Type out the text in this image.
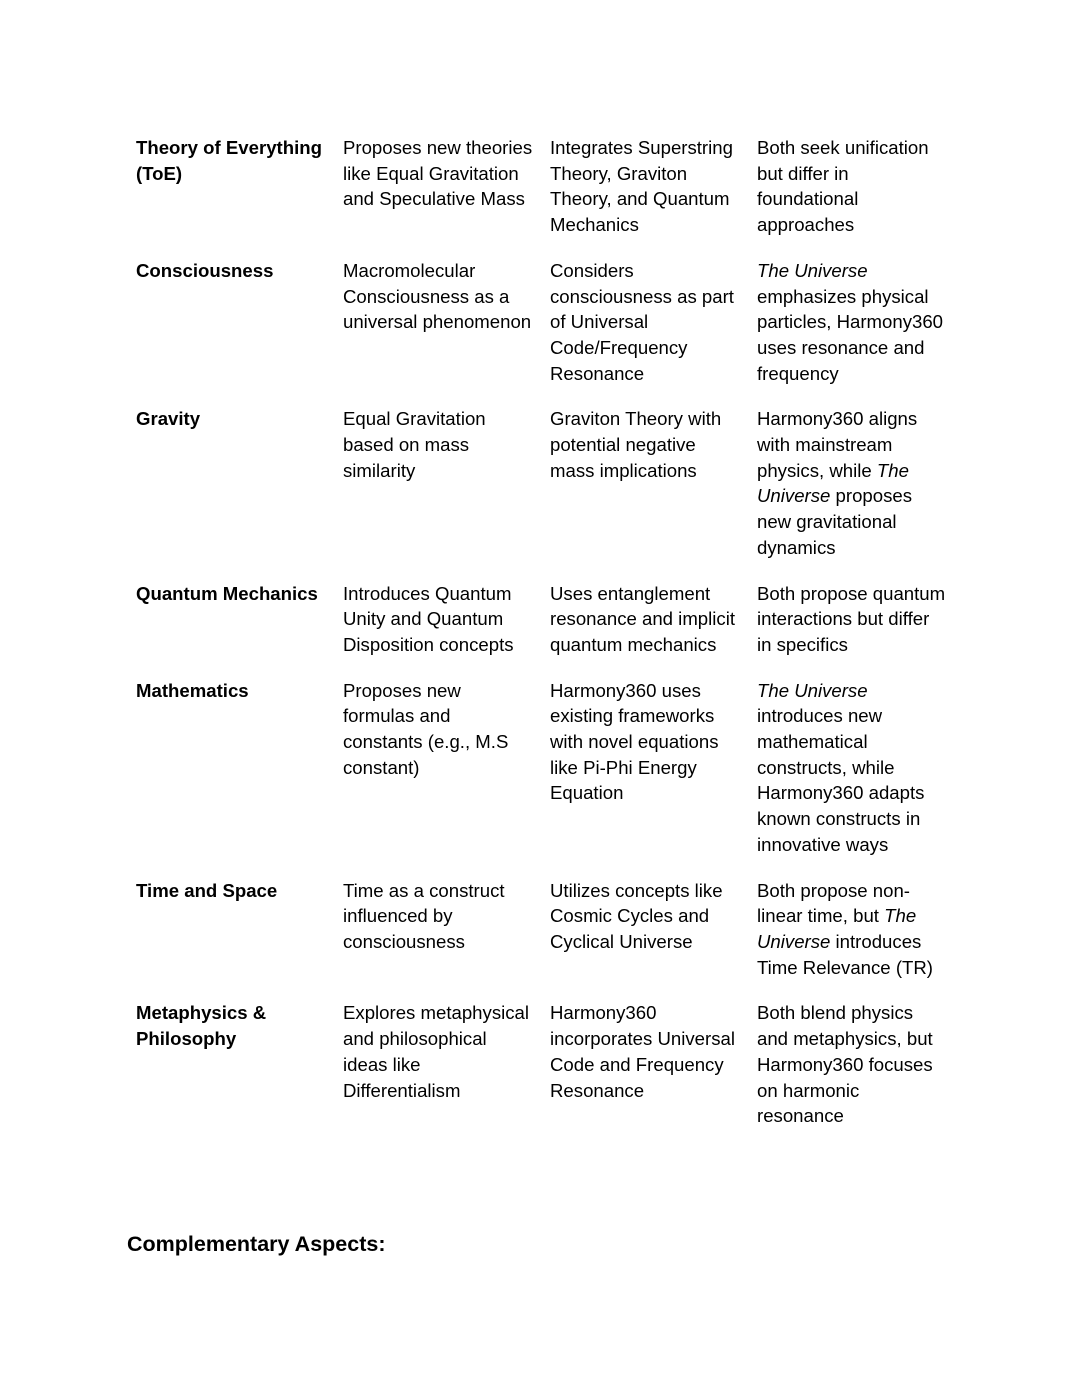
Theory of Everything (ToE)	Proposes new theories like Equal Gravitation and Speculative Mass	Integrates Superstring Theory, Graviton Theory, and Quantum Mechanics	Both seek unification but differ in foundational approaches
Consciousness	Macromolecular Consciousness as a universal phenomenon	Considers consciousness as part of Universal Code/Frequency Resonance	The Universe emphasizes physical particles, Harmony360 uses resonance and frequency
Gravity	Equal Gravitation based on mass similarity	Graviton Theory with potential negative mass implications	Harmony360 aligns with mainstream physics, while The Universe proposes new gravitational dynamics
Quantum Mechanics	Introduces Quantum Unity and Quantum Disposition concepts	Uses entanglement resonance and implicit quantum mechanics	Both propose quantum interactions but differ in specifics
Mathematics	Proposes new formulas and constants (e.g., M.S constant)	Harmony360 uses existing frameworks with novel equations like Pi-Phi Energy Equation	The Universe introduces new mathematical constructs, while Harmony360 adapts known constructs in innovative ways
Time and Space	Time as a construct influenced by consciousness	Utilizes concepts like Cosmic Cycles and Cyclical Universe	Both propose non-linear time, but The Universe introduces Time Relevance (TR)
Metaphysics & Philosophy	Explores metaphysical and philosophical ideas like Differentialism	Harmony360 incorporates Universal Code and Frequency Resonance	Both blend physics and metaphysics, but Harmony360 focuses on harmonic resonance
Complementary Aspects:
